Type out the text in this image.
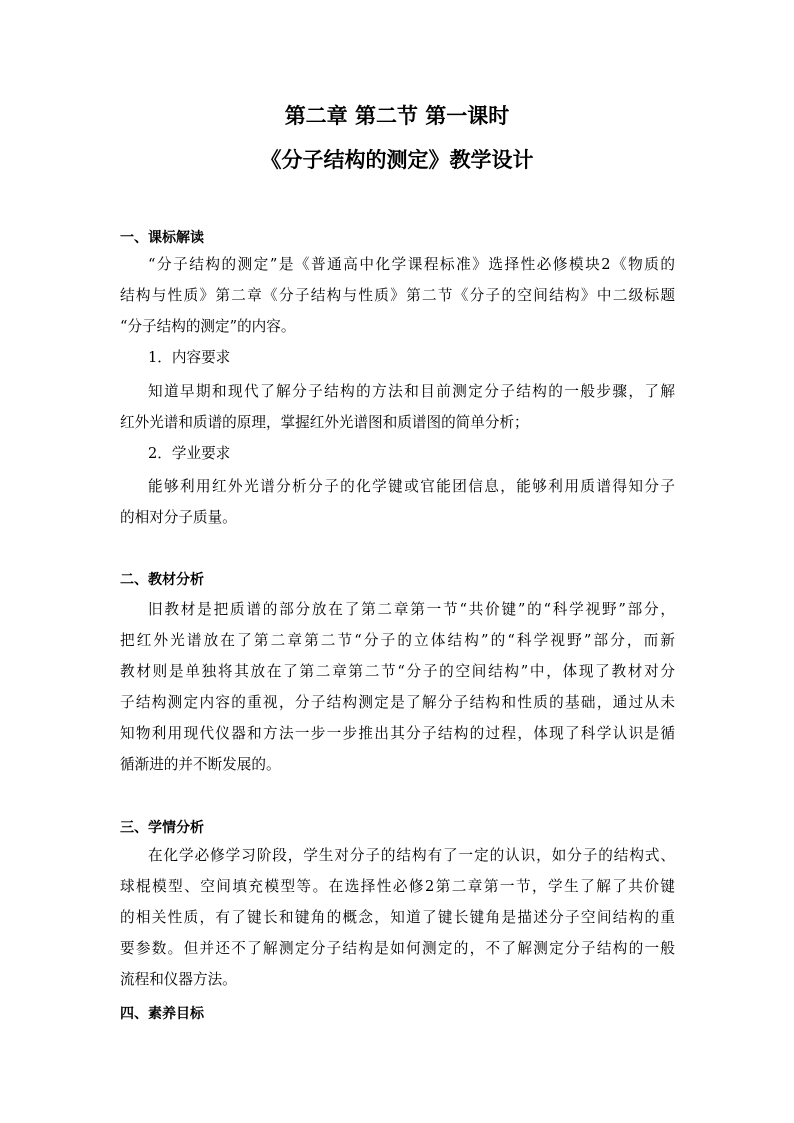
第二章 第二节 第一课时
《分子结构的测定》教学设计
一、课标解读
“分子结构的测定”是《普通高中化学课程标准》选择性必修模块2《物质的
结构与性质》第二章《分子结构与性质》第二节《分子的空间结构》中二级标题
“分子结构的测定”的内容。
1．内容要求
知道早期和现代了解分子结构的方法和目前测定分子结构的一般步骤，了解
红外光谱和质谱的原理，掌握红外光谱图和质谱图的简单分析；
2．学业要求
能够利用红外光谱分析分子的化学键或官能团信息，能够利用质谱得知分子
的相对分子质量。
二、教材分析
旧教材是把质谱的部分放在了第二章第一节“共价键”的“科学视野”部分，
把红外光谱放在了第二章第二节“分子的立体结构”的“科学视野”部分，而新
教材则是单独将其放在了第二章第二节“分子的空间结构”中，体现了教材对分
子结构测定内容的重视，分子结构测定是了解分子结构和性质的基础，通过从未
知物利用现代仪器和方法一步一步推出其分子结构的过程，体现了科学认识是循
循渐进的并不断发展的。
三、学情分析
在化学必修学习阶段，学生对分子的结构有了一定的认识，如分子的结构式、
球棍模型、空间填充模型等。在选择性必修2第二章第一节，学生了解了共价键
的相关性质，有了键长和键角的概念，知道了键长键角是描述分子空间结构的重
要参数。但并还不了解测定分子结构是如何测定的，不了解测定分子结构的一般
流程和仪器方法。
四、素养目标
